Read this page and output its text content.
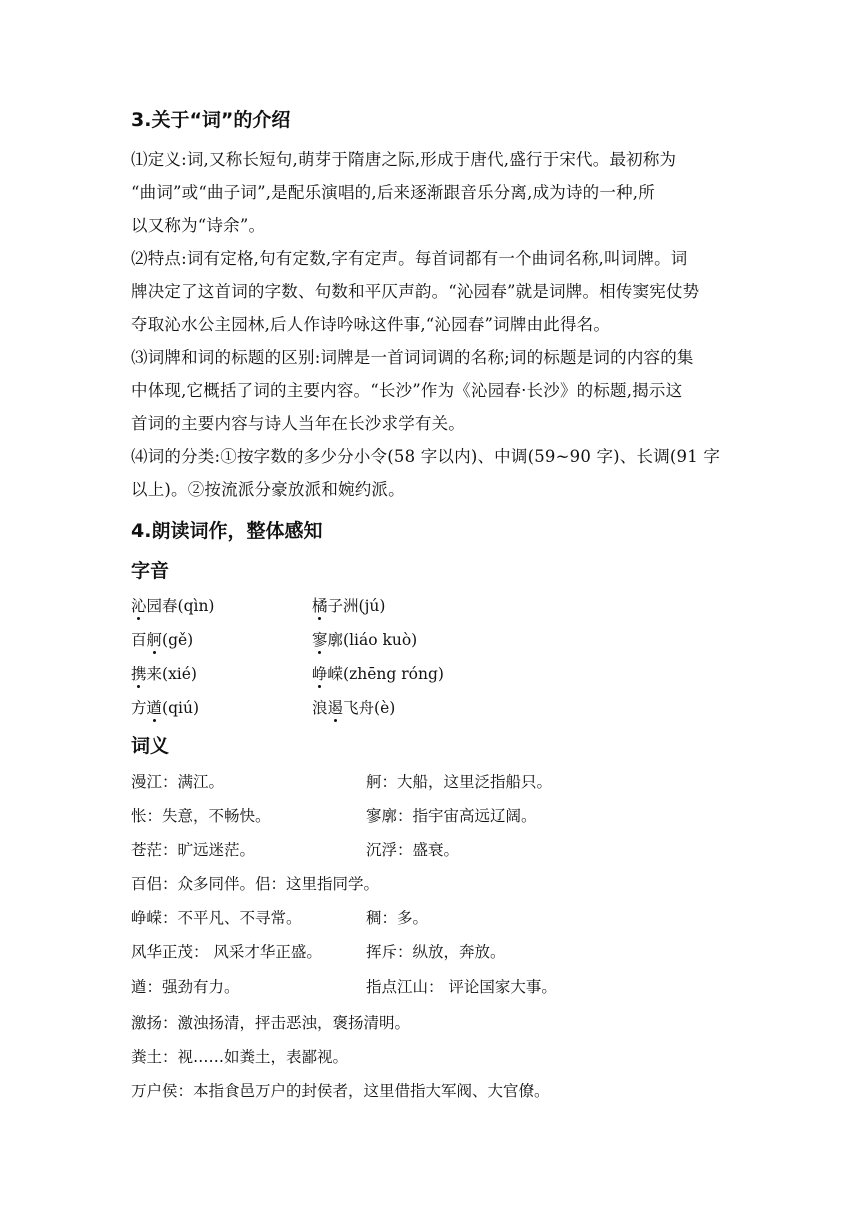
3.关于“词”的介绍
⑴定义:词,又称长短句,萌芽于隋唐之际,形成于唐代,盛行于宋代。最初称为
“曲词”或“曲子词”,是配乐演唱的,后来逐渐跟音乐分离,成为诗的一种,所
以又称为“诗余”。
⑵特点:词有定格,句有定数,字有定声。每首词都有一个曲词名称,叫词牌。词
牌决定了这首词的字数、句数和平仄声韵。“沁园春”就是词牌。相传窦宪仗势
夺取沁水公主园林,后人作诗吟咏这件事,“沁园春”词牌由此得名。
⑶词牌和词的标题的区别:词牌是一首词词调的名称;词的标题是词的内容的集
中体现,它概括了词的主要内容。“长沙”作为《沁园春·长沙》的标题,揭示这
首词的主要内容与诗人当年在长沙求学有关。
⑷词的分类:①按字数的多少分小令(58 字以内)、中调(59~90 字)、长调(91 字
以上)。②按流派分豪放派和婉约派。
4.朗读词作，整体感知
字音
沁园春(qìn)	橘子洲(jú)
百舸(gě)	寥廓(liáo kuò)
携来(xié)	峥嵘(zhēng róng)
方遒(qiú)	浪遏飞舟(è)
词义
漫江：满江。	舸：大船，这里泛指船只。
怅：失意，不畅快。	寥廓：指宇宙高远辽阔。
苍茫：旷远迷茫。	沉浮：盛衰。
百侣：众多同伴。侣：这里指同学。
峥嵘：不平凡、不寻常。	稠：多。
风华正茂： 风采才华正盛。	挥斥：纵放，奔放。
遒：强劲有力。	指点江山： 评论国家大事。
激扬：激浊扬清，抨击恶浊，褒扬清明。
粪土：视……如粪土，表鄙视。
万户侯：本指食邑万户的封侯者，这里借指大军阀、大官僚。
